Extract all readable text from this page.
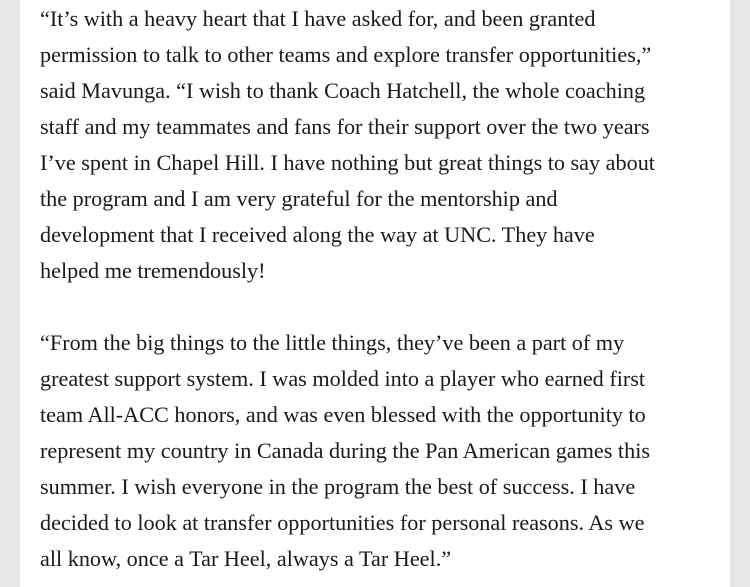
“It’s with a heavy heart that I have asked for, and been granted
permission to talk to other teams and explore transfer opportunities,”
said Mavunga. “I wish to thank Coach Hatchell, the whole coaching
staff and my teammates and fans for their support over the two years
I’ve spent in Chapel Hill. I have nothing but great things to say about
the program and I am very grateful for the mentorship and
development that I received along the way at UNC. They have
helped me tremendously!

“From the big things to the little things, they’ve been a part of my
greatest support system. I was molded into a player who earned first
team All-ACC honors, and was even blessed with the opportunity to
represent my country in Canada during the Pan American games this
summer. I wish everyone in the program the best of success. I have
decided to look at transfer opportunities for personal reasons. As we
all know, once a Tar Heel, always a Tar Heel.”
